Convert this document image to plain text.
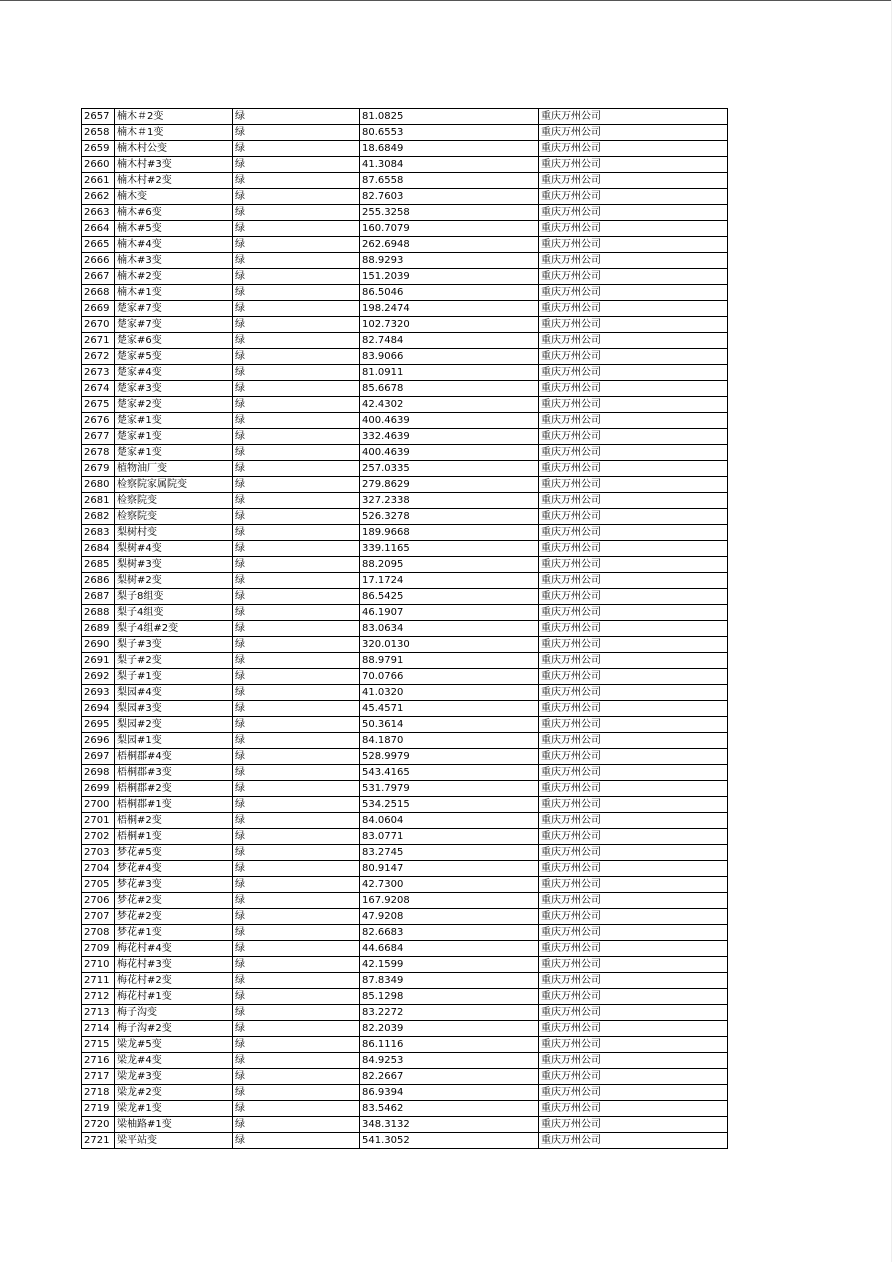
2657	楠木＃2变	绿	81.0825	重庆万州公司
2658	楠木＃1变	绿	80.6553	重庆万州公司
2659	楠木村公变	绿	18.6849	重庆万州公司
2660	楠木村#3变	绿	41.3084	重庆万州公司
2661	楠木村#2变	绿	87.6558	重庆万州公司
2662	楠木变	绿	82.7603	重庆万州公司
2663	楠木#6变	绿	255.3258	重庆万州公司
2664	楠木#5变	绿	160.7079	重庆万州公司
2665	楠木#4变	绿	262.6948	重庆万州公司
2666	楠木#3变	绿	88.9293	重庆万州公司
2667	楠木#2变	绿	151.2039	重庆万州公司
2668	楠木#1变	绿	86.5046	重庆万州公司
2669	楚家#7变	绿	198.2474	重庆万州公司
2670	楚家#7变	绿	102.7320	重庆万州公司
2671	楚家#6变	绿	82.7484	重庆万州公司
2672	楚家#5变	绿	83.9066	重庆万州公司
2673	楚家#4变	绿	81.0911	重庆万州公司
2674	楚家#3变	绿	85.6678	重庆万州公司
2675	楚家#2变	绿	42.4302	重庆万州公司
2676	楚家#1变	绿	400.4639	重庆万州公司
2677	楚家#1变	绿	332.4639	重庆万州公司
2678	楚家#1变	绿	400.4639	重庆万州公司
2679	植物油厂变	绿	257.0335	重庆万州公司
2680	检察院家属院变	绿	279.8629	重庆万州公司
2681	检察院变	绿	327.2338	重庆万州公司
2682	检察院变	绿	526.3278	重庆万州公司
2683	梨树村变	绿	189.9668	重庆万州公司
2684	梨树#4变	绿	339.1165	重庆万州公司
2685	梨树#3变	绿	88.2095	重庆万州公司
2686	梨树#2变	绿	17.1724	重庆万州公司
2687	梨子8组变	绿	86.5425	重庆万州公司
2688	梨子4组变	绿	46.1907	重庆万州公司
2689	梨子4组#2变	绿	83.0634	重庆万州公司
2690	梨子#3变	绿	320.0130	重庆万州公司
2691	梨子#2变	绿	88.9791	重庆万州公司
2692	梨子#1变	绿	70.0766	重庆万州公司
2693	梨园#4变	绿	41.0320	重庆万州公司
2694	梨园#3变	绿	45.4571	重庆万州公司
2695	梨园#2变	绿	50.3614	重庆万州公司
2696	梨园#1变	绿	84.1870	重庆万州公司
2697	梧桐郡#4变	绿	528.9979	重庆万州公司
2698	梧桐郡#3变	绿	543.4165	重庆万州公司
2699	梧桐郡#2变	绿	531.7979	重庆万州公司
2700	梧桐郡#1变	绿	534.2515	重庆万州公司
2701	梧桐#2变	绿	84.0604	重庆万州公司
2702	梧桐#1变	绿	83.0771	重庆万州公司
2703	梦花#5变	绿	83.2745	重庆万州公司
2704	梦花#4变	绿	80.9147	重庆万州公司
2705	梦花#3变	绿	42.7300	重庆万州公司
2706	梦花#2变	绿	167.9208	重庆万州公司
2707	梦花#2变	绿	47.9208	重庆万州公司
2708	梦花#1变	绿	82.6683	重庆万州公司
2709	梅花村#4变	绿	44.6684	重庆万州公司
2710	梅花村#3变	绿	42.1599	重庆万州公司
2711	梅花村#2变	绿	87.8349	重庆万州公司
2712	梅花村#1变	绿	85.1298	重庆万州公司
2713	梅子沟变	绿	83.2272	重庆万州公司
2714	梅子沟#2变	绿	82.2039	重庆万州公司
2715	梁龙#5变	绿	86.1116	重庆万州公司
2716	梁龙#4变	绿	84.9253	重庆万州公司
2717	梁龙#3变	绿	82.2667	重庆万州公司
2718	梁龙#2变	绿	86.9394	重庆万州公司
2719	梁龙#1变	绿	83.5462	重庆万州公司
2720	梁柚路#1变	绿	348.3132	重庆万州公司
2721	梁平站变	绿	541.3052	重庆万州公司
